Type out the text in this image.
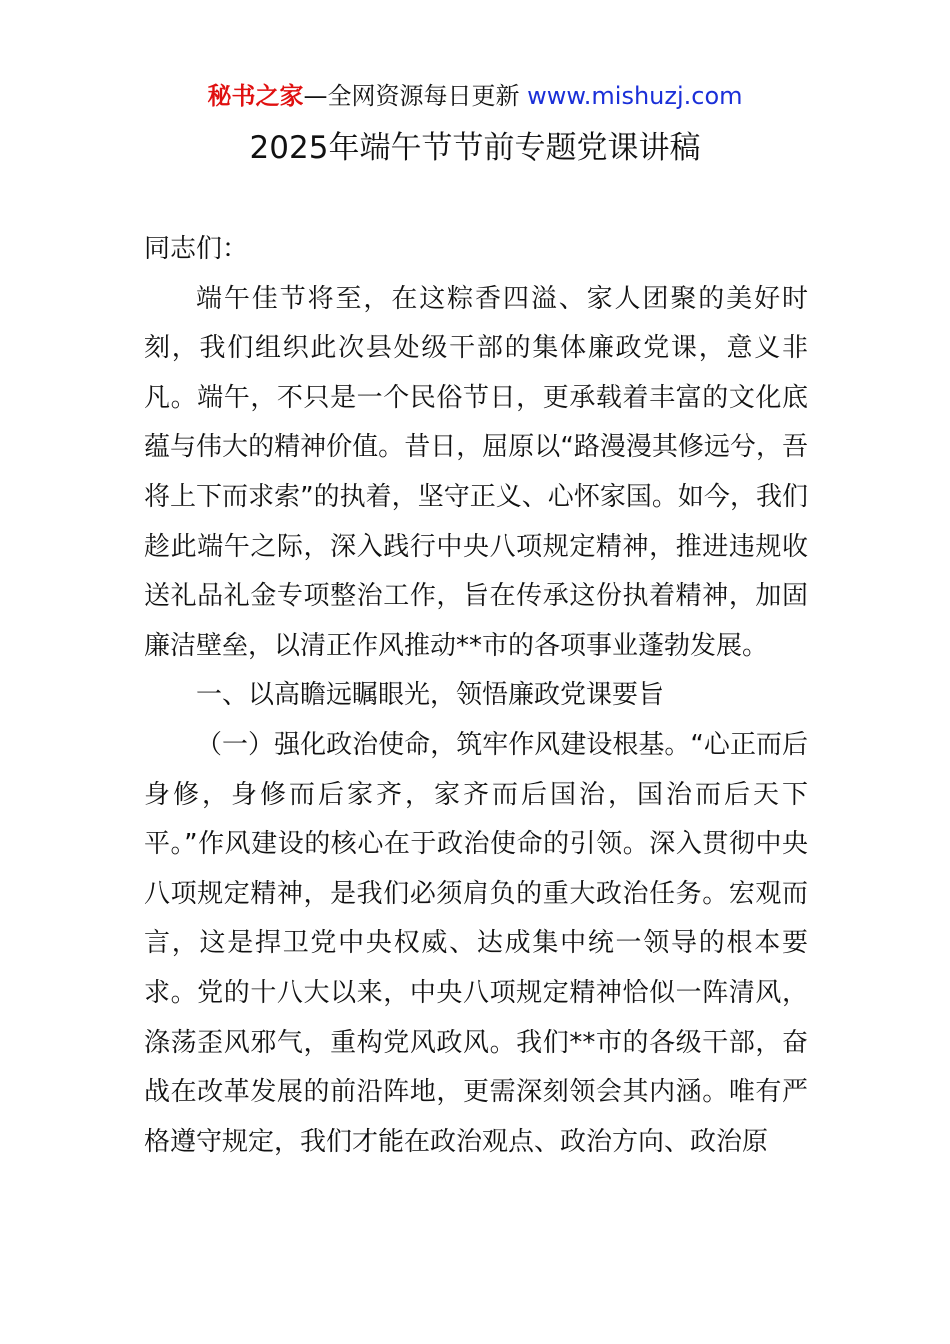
秘书之家—全网资源每日更新 www.mishuzj.com
2025年端午节节前专题党课讲稿

同志们：

端午佳节将至，在这粽香四溢、家人团聚的美好时刻，我们组织此次县处级干部的集体廉政党课，意义非凡。端午，不只是一个民俗节日，更承载着丰富的文化底蕴与伟大的精神价值。昔日，屈原以“路漫漫其修远兮，吾将上下而求索”的执着，坚守正义、心怀家国。如今，我们趁此端午之际，深入践行中央八项规定精神，推进违规收送礼品礼金专项整治工作，旨在传承这份执着精神，加固廉洁壁垒，以清正作风推动**市的各项事业蓬勃发展。

一、以高瞻远瞩眼光，领悟廉政党课要旨

（一）强化政治使命，筑牢作风建设根基。“心正而后身修，身修而后家齐，家齐而后国治，国治而后天下平。”作风建设的核心在于政治使命的引领。深入贯彻中央八项规定精神，是我们必须肩负的重大政治任务。宏观而言，这是捍卫党中央权威、达成集中统一领导的根本要求。党的十八大以来，中央八项规定精神恰似一阵清风，涤荡歪风邪气，重构党风政风。我们**市的各级干部，奋战在改革发展的前沿阵地，更需深刻领会其内涵。唯有严格遵守规定，我们才能在政治观点、政治方向、政治原
